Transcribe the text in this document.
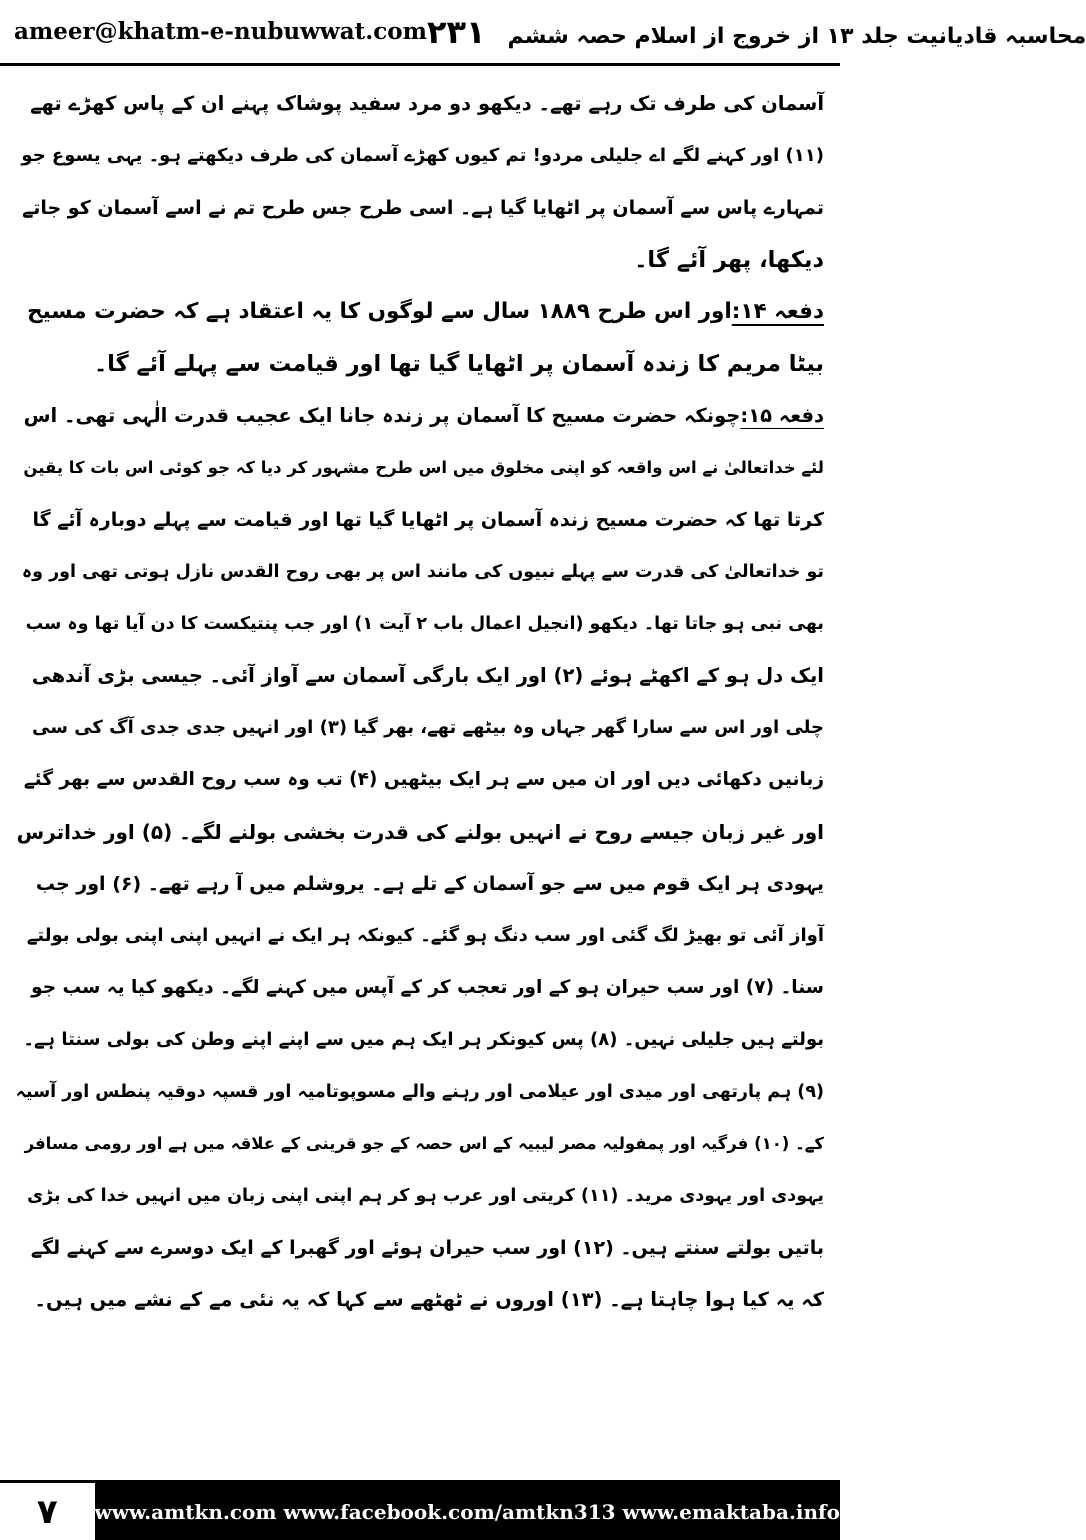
ameer@khatm-e-nubuwwat.com	محاسبہ قادیانیت جلد ۱۳ از خروج از اسلام حصہ ششم
۲۳۱
آسمان کی طرف تک رہے تھے۔ دیکھو دو مرد سفید پوشاک پہنے ان کے پاس کھڑے تھے
(۱۱) اور کہنے لگے اے جلیلی مردو! تم کیوں کھڑے آسمان کی طرف دیکھتے ہو۔ یہی یسوع جو
تمہارے پاس سے آسمان پر اٹھایا گیا ہے۔ اسی طرح جس طرح تم نے اسے آسمان کو جاتے
دیکھا، پھر آئے گا۔
دفعہ ۱۴:اور اس طرح ۱۸۸۹ سال سے لوگوں کا یہ اعتقاد ہے کہ حضرت مسیح
بیٹا مریم کا زندہ آسمان پر اٹھایا گیا تھا اور قیامت سے پہلے آئے گا۔
دفعہ ۱۵:چونکہ حضرت مسیح کا آسمان پر زندہ جانا ایک عجیب قدرت الٰہی تھی۔ اس
لئے خداتعالیٰ نے اس واقعہ کو اپنی مخلوق میں اس طرح مشہور کر دیا کہ جو کوئی اس بات کا یقین
کرتا تھا کہ حضرت مسیح زندہ آسمان پر اٹھایا گیا تھا اور قیامت سے پہلے دوبارہ آئے گا
تو خداتعالیٰ کی قدرت سے پہلے نبیوں کی مانند اس پر بھی روح القدس نازل ہوتی تھی اور وہ
بھی نبی ہو جاتا تھا۔ دیکھو (انجیل اعمال باب ۲ آیت ۱) اور جب پنتیکست کا دن آیا تھا وہ سب
ایک دل ہو کے اکھٹے ہوئے (۲) اور ایک بارگی آسمان سے آواز آئی۔ جیسی بڑی آندھی
چلی اور اس سے سارا گھر جہاں وہ بیٹھے تھے، بھر گیا (۳) اور انہیں جدی جدی آگ کی سی
زبانیں دکھائی دیں اور ان میں سے ہر ایک بیٹھیں (۴) تب وہ سب روح القدس سے بھر گئے
اور غیر زبان جیسے روح نے انہیں بولنے کی قدرت بخشی بولنے لگے۔ (۵) اور خداترس
یہودی ہر ایک قوم میں سے جو آسمان کے تلے ہے۔ یروشلم میں آ رہے تھے۔ (۶) اور جب
آواز آئی تو بھیڑ لگ گئی اور سب دنگ ہو گئے۔ کیونکہ ہر ایک نے انہیں اپنی اپنی بولی بولتے
سنا۔ (۷) اور سب حیران ہو کے اور تعجب کر کے آپس میں کہنے لگے۔ دیکھو کیا یہ سب جو
بولتے ہیں جلیلی نہیں۔ (۸) پس کیونکر ہر ایک ہم میں سے اپنے اپنے وطن کی بولی سنتا ہے۔
(۹) ہم پارتھی اور میدی اور عیلامی اور رہنے والے مسوپوتامیہ اور قسپہ دوقیہ پنطس اور آسیہ
کے۔ (۱۰) فرگیہ اور پمفولیہ مصر لیبیہ کے اس حصہ کے جو قرینی کے علاقہ میں ہے اور رومی مسافر
یہودی اور یہودی مرید۔ (۱۱) کریتی اور عرب ہو کر ہم اپنی اپنی زبان میں انہیں خدا کی بڑی
باتیں بولتے سنتے ہیں۔ (۱۲) اور سب حیران ہوئے اور گھبرا کے ایک دوسرے سے کہنے لگے
کہ یہ کیا ہوا چاہتا ہے۔ (۱۳) اوروں نے ٹھٹھے سے کہا کہ یہ نئی مے کے نشے میں ہیں۔
۷	www.amtkn.com www.facebook.com/amtkn313 www.emaktaba.info
